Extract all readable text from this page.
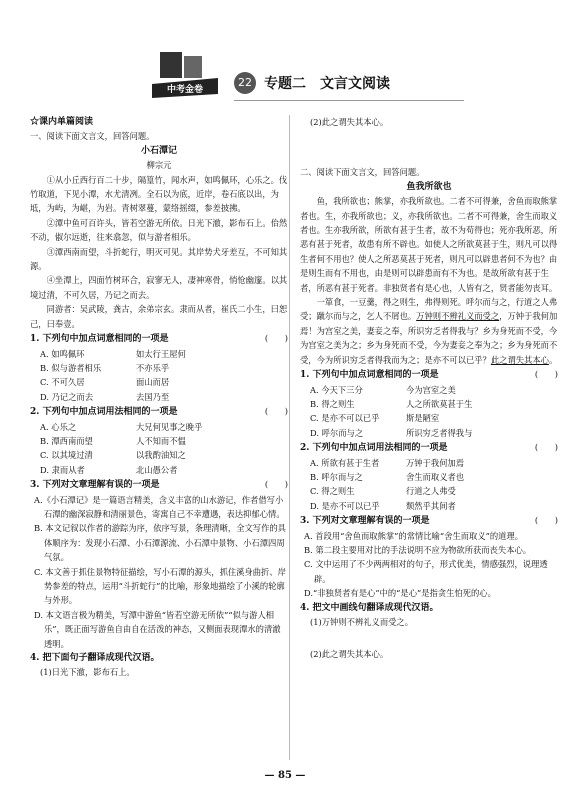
中考金卷
22 专题二　文言文阅读
☆课内单篇阅读
一、阅读下面文言文，回答问题。
小石潭记
柳宗元
①从小丘西行百二十步，隔篁竹，闻水声，如鸣佩环，心乐之。伐竹取道，下见小潭，水尤清冽。全石以为底，近岸，卷石底以出，为坻，为屿，为嵁，为岩。青树翠蔓，蒙络摇缀，参差披拂。
②潭中鱼可百许头，皆若空游无所依。日光下澈，影布石上。佁然不动，俶尔远逝，往来翕忽，似与游者相乐。
③潭西南而望，斗折蛇行，明灭可见。其岸势犬牙差互，不可知其源。
④坐潭上，四面竹树环合，寂寥无人，凄神寒骨，悄怆幽邃。以其境过清，不可久居，乃记之而去。
同游者：吴武陵，龚古，余弟宗玄。隶而从者，崔氏二小生，曰恕己，曰奉壹。
1. 下列句中加点词意相同的一项是	(　　)
A. 如鸣佩环	如太行王屋何
B. 似与游者相乐	不亦乐乎
C. 不可久居	面山而居
D. 乃记之而去	去国乃至
2. 下列句中加点词用法相同的一项是	(　　)
A. 心乐之	大兄何见事之晚乎
B. 潭西南而望	人不知而不愠
C. 以其境过清	以我酌油知之
D. 隶而从者	北山愚公者
3. 下列对文章理解有误的一项是	(　　)
A.《小石潭记》是一篇语言精美，含义丰富的山水游记，作者借写小石潭的幽深寂静和清丽景色，寄寓自己不幸遭遇，表达抑郁心情。
B. 本文记叙以作者的游踪为序，依序写景，条理清晰，全文写作的具体顺序为：发现小石潭、小石潭源流、小石潭中景物、小石潭四周气氛。
C. 本文善于抓住景物特征描绘，写小石潭的源头，抓住溪身曲折、岸势参差的特点，运用“斗折蛇行”的比喻，形象地描绘了小溪的轮廓与外形。
D. 本文语言极为精美，写潭中游鱼“皆若空游无所依”“似与游人相乐”，既正面写游鱼自由自在活泼的神态，又侧面表现潭水的清澈透明。
4. 把下面句子翻译成现代汉语。
(1)日光下澈，影布石上。
(2)此之谓失其本心。
二、阅读下面文言文，回答问题。
鱼我所欲也
鱼，我所欲也；熊掌，亦我所欲也。二者不可得兼，舍鱼而取熊掌者也。生，亦我所欲也；义，亦我所欲也。二者不可得兼，舍生而取义者也。生亦我所欲，所欲有甚于生者，故不为苟得也；死亦我所恶，所恶有甚于死者，故患有所不辟也。如使人之所欲莫甚于生，则凡可以得生者何不用也？使人之所恶莫甚于死者，则凡可以辟患者何不为也？由是则生而有不用也，由是则可以辟患而有不为也。是故所欲有甚于生者，所恶有甚于死者。非独贤者有是心也，人皆有之，贤者能勿丧耳。
一箪食，一豆羹，得之则生，弗得则死。呼尔而与之，行道之人弗受；蹴尔而与之，乞人不屑也。万钟则不辨礼义而受之，万钟于我何加焉！为宫室之美，妻妾之奉，所识穷乏者得我与？乡为身死而不受，今为宫室之美为之；乡为身死而不受，今为妻妾之奉为之；乡为身死而不受，今为所识穷乏者得我而为之；是亦不可以已乎？此之谓失其本心。
1. 下列句中加点词意相同的一项是	(　　)
A. 今天下三分	今为宫室之美
B. 得之则生	人之所欲莫甚于生
C. 是亦不可以已乎	斯是陋室
D. 呼尔而与之	所识穷乏者得我与
2. 下列句中加点词用法相同的一项是	(　　)
A. 所欲有甚于生者	万钟于我何加焉
B. 呼尔而与之	舍生而取义者也
C. 得之则生	行道之人弗受
D. 是亦不可以已乎	颓然乎其间者
3. 下列对文章理解有误的一项是	(　　)
A. 首段用“舍鱼而取熊掌”的常情比喻“舍生而取义”的道理。
B. 第二段主要用对比的手法说明不应为物欲所获而丧失本心。
C. 文中运用了不少两两相对的句子，形式优美，情感强烈，说理透辟。
D.“非独贤者有是心”中的“是心”是指贪生怕死的心。
4. 把文中画线句翻译成现代汉语。
(1)万钟则不辨礼义而受之。
(2)此之谓失其本心。
— 85 —
